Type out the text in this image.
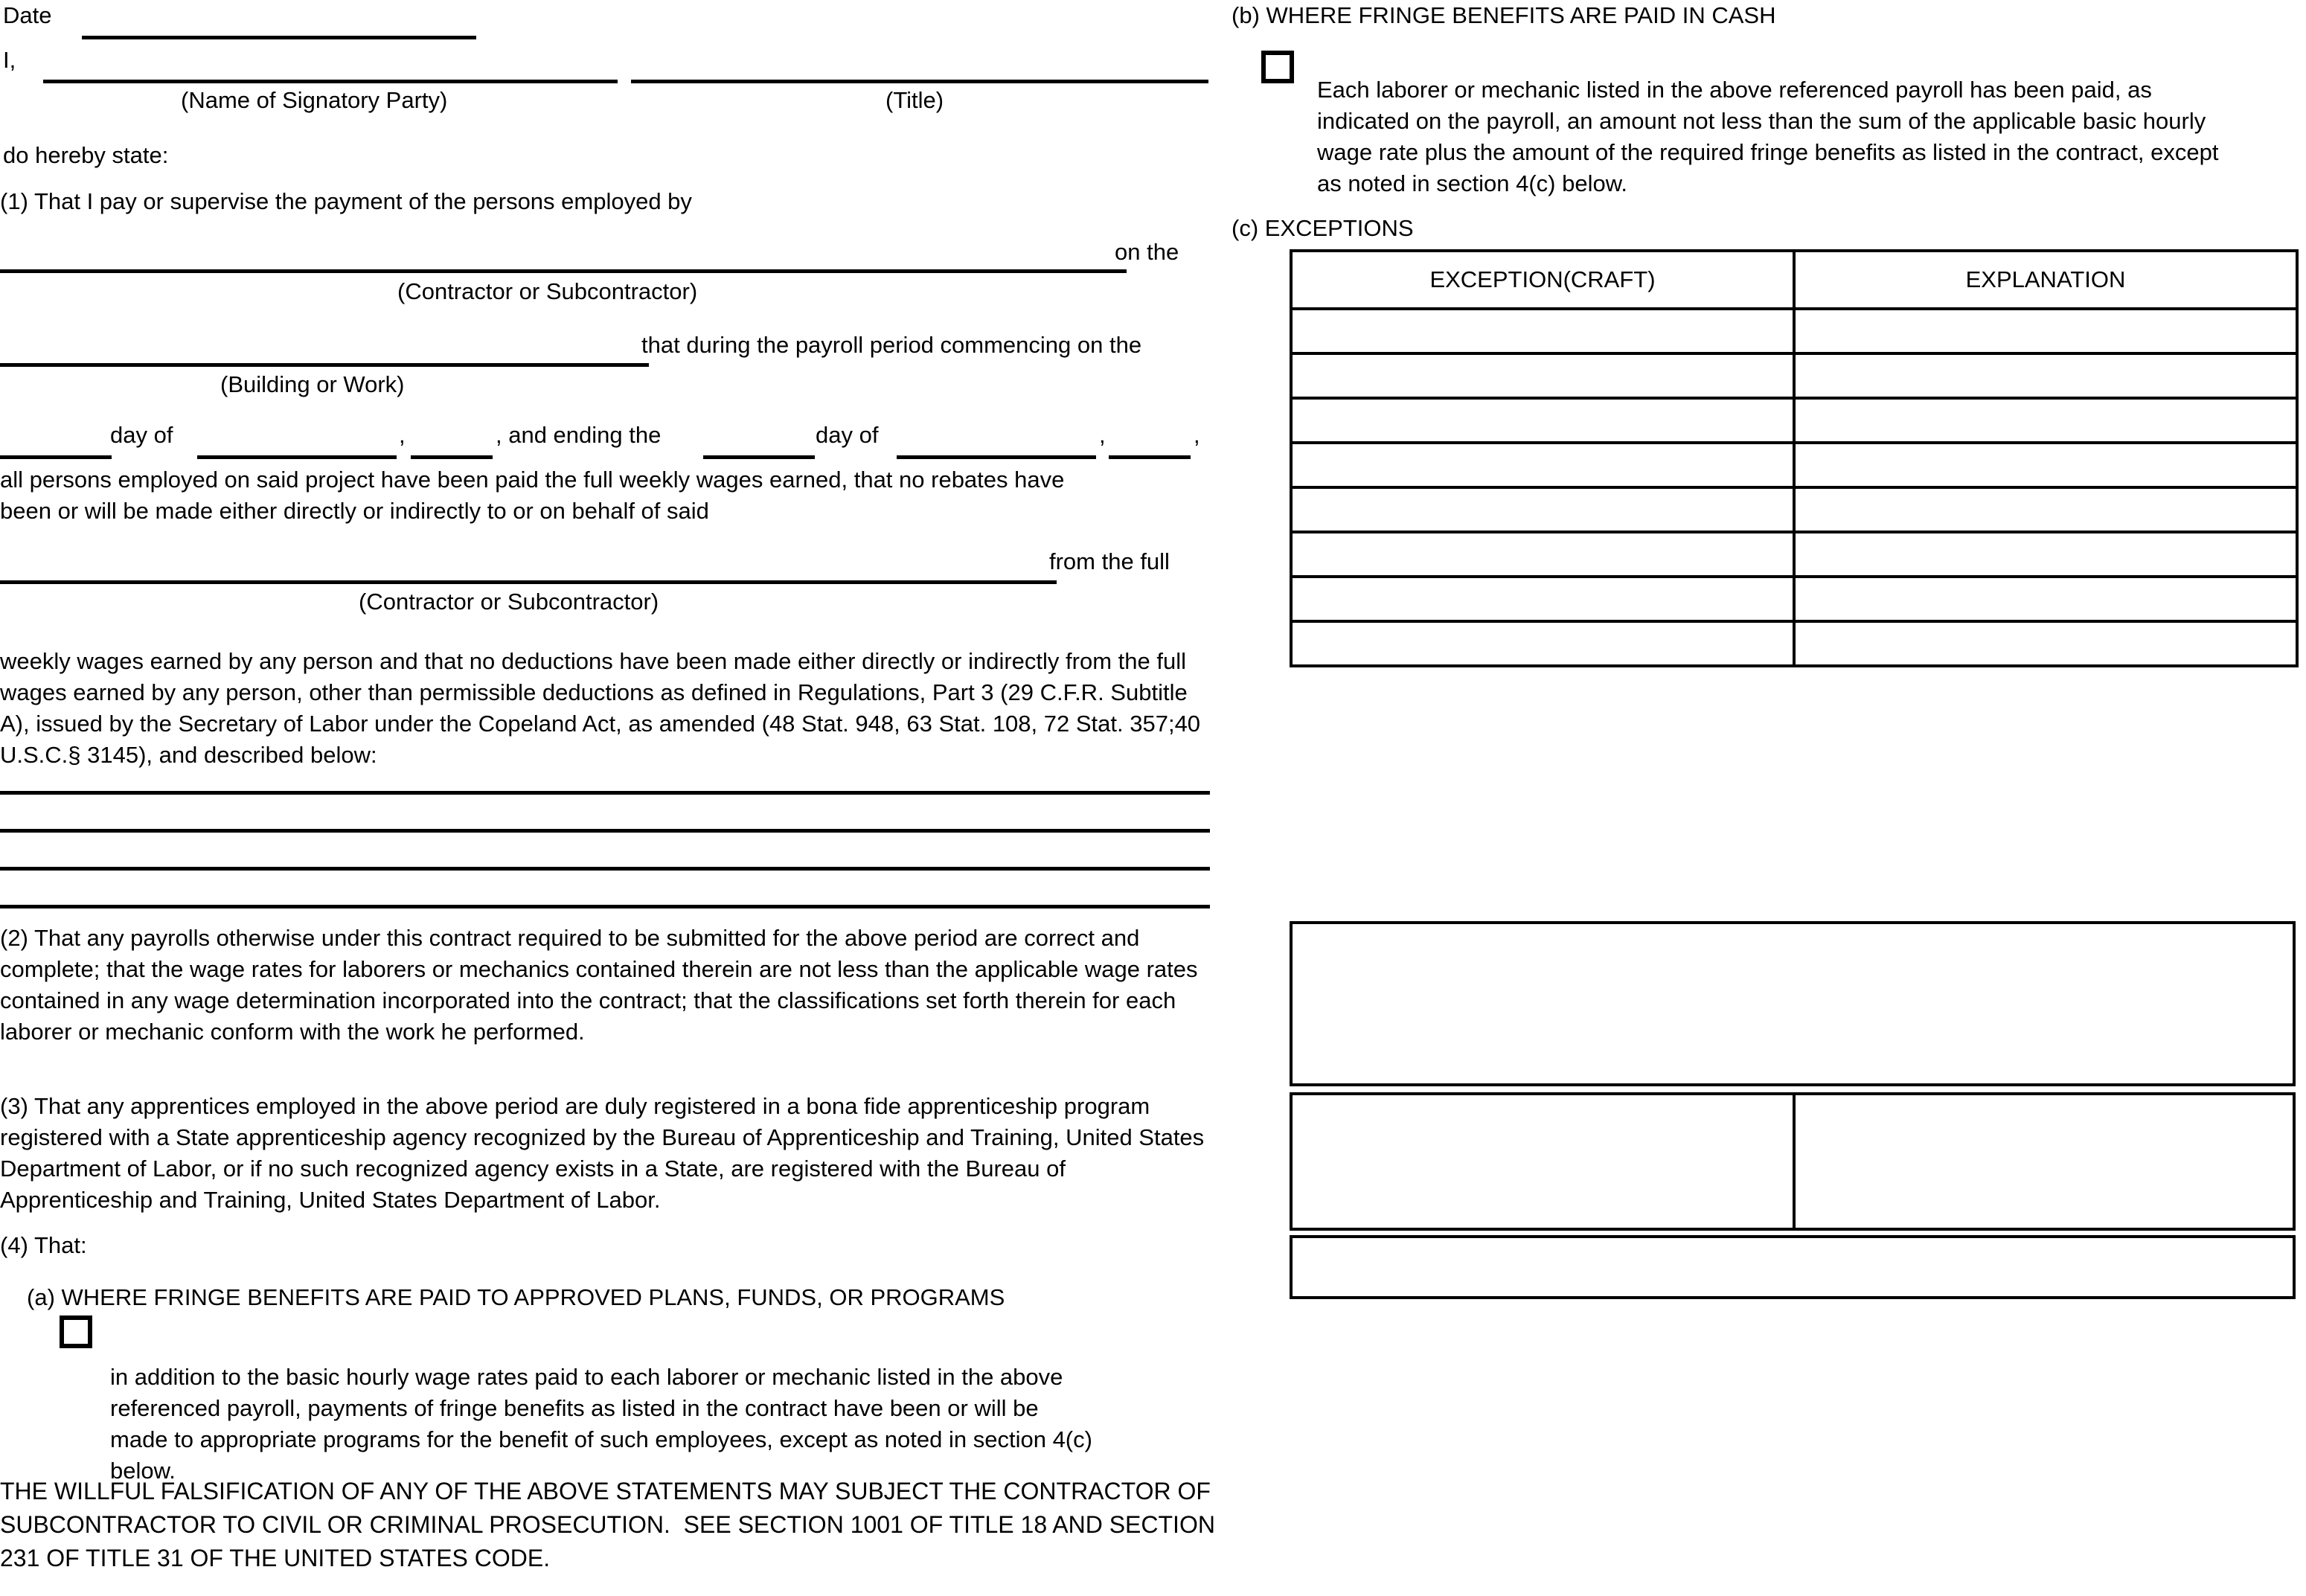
Date
I,
(Name of Signatory Party)	(Title)
do hereby state:
(1) That I pay or supervise the payment of the persons employed by
on the
(Contractor or Subcontractor)
that during the payroll period commencing on the
(Building or Work)
day of	,	, and ending the	day of	,	,
all persons employed on said project have been paid the full weekly wages earned, that no rebates have
been or will be made either directly or indirectly to or on behalf of said
from the full
(Contractor or Subcontractor)

weekly wages earned by any person and that no deductions have been made either directly or indirectly from the full wages earned by any person, other than permissible deductions as defined in Regulations, Part 3 (29 C.F.R. Subtitle A), issued by the Secretary of Labor under the Copeland Act, as amended (48 Stat. 948, 63 Stat. 108, 72 Stat. 357;40 U.S.C.§ 3145), and described below:

(2) That any payrolls otherwise under this contract required to be submitted for the above period are correct and complete; that the wage rates for laborers or mechanics contained therein are not less than the applicable wage rates contained in any wage determination incorporated into the contract; that the classifications set forth therein for each laborer or mechanic conform with the work he performed.

(3) That any apprentices employed in the above period are duly registered in a bona fide apprenticeship program registered with a State apprenticeship agency recognized by the Bureau of Apprenticeship and Training, United States Department of Labor, or if no such recognized agency exists in a State, are registered with the Bureau of Apprenticeship and Training, United States Department of Labor.

(4) That:
(a) WHERE FRINGE BENEFITS ARE PAID TO APPROVED PLANS, FUNDS, OR PROGRAMS

in addition to the basic hourly wage rates paid to each laborer or mechanic listed in the above referenced payroll, payments of fringe benefits as listed in the contract have been or will be made to appropriate programs for the benefit of such employees, except as noted in section 4(c) below.

THE WILLFUL FALSIFICATION OF ANY OF THE ABOVE STATEMENTS MAY SUBJECT THE CONTRACTOR OF
SUBCONTRACTOR TO CIVIL OR CRIMINAL PROSECUTION.  SEE SECTION 1001 OF TITLE 18 AND SECTION
231 OF TITLE 31 OF THE UNITED STATES CODE.
(b) WHERE FRINGE BENEFITS ARE PAID IN CASH

Each laborer or mechanic listed in the above referenced payroll has been paid, as indicated on the payroll, an amount not less than the sum of the applicable basic hourly wage rate plus the amount of the required fringe benefits as listed in the contract, except as noted in section 4(c) below.

(c) EXCEPTIONS
EXCEPTION(CRAFT)	EXPLANATION
